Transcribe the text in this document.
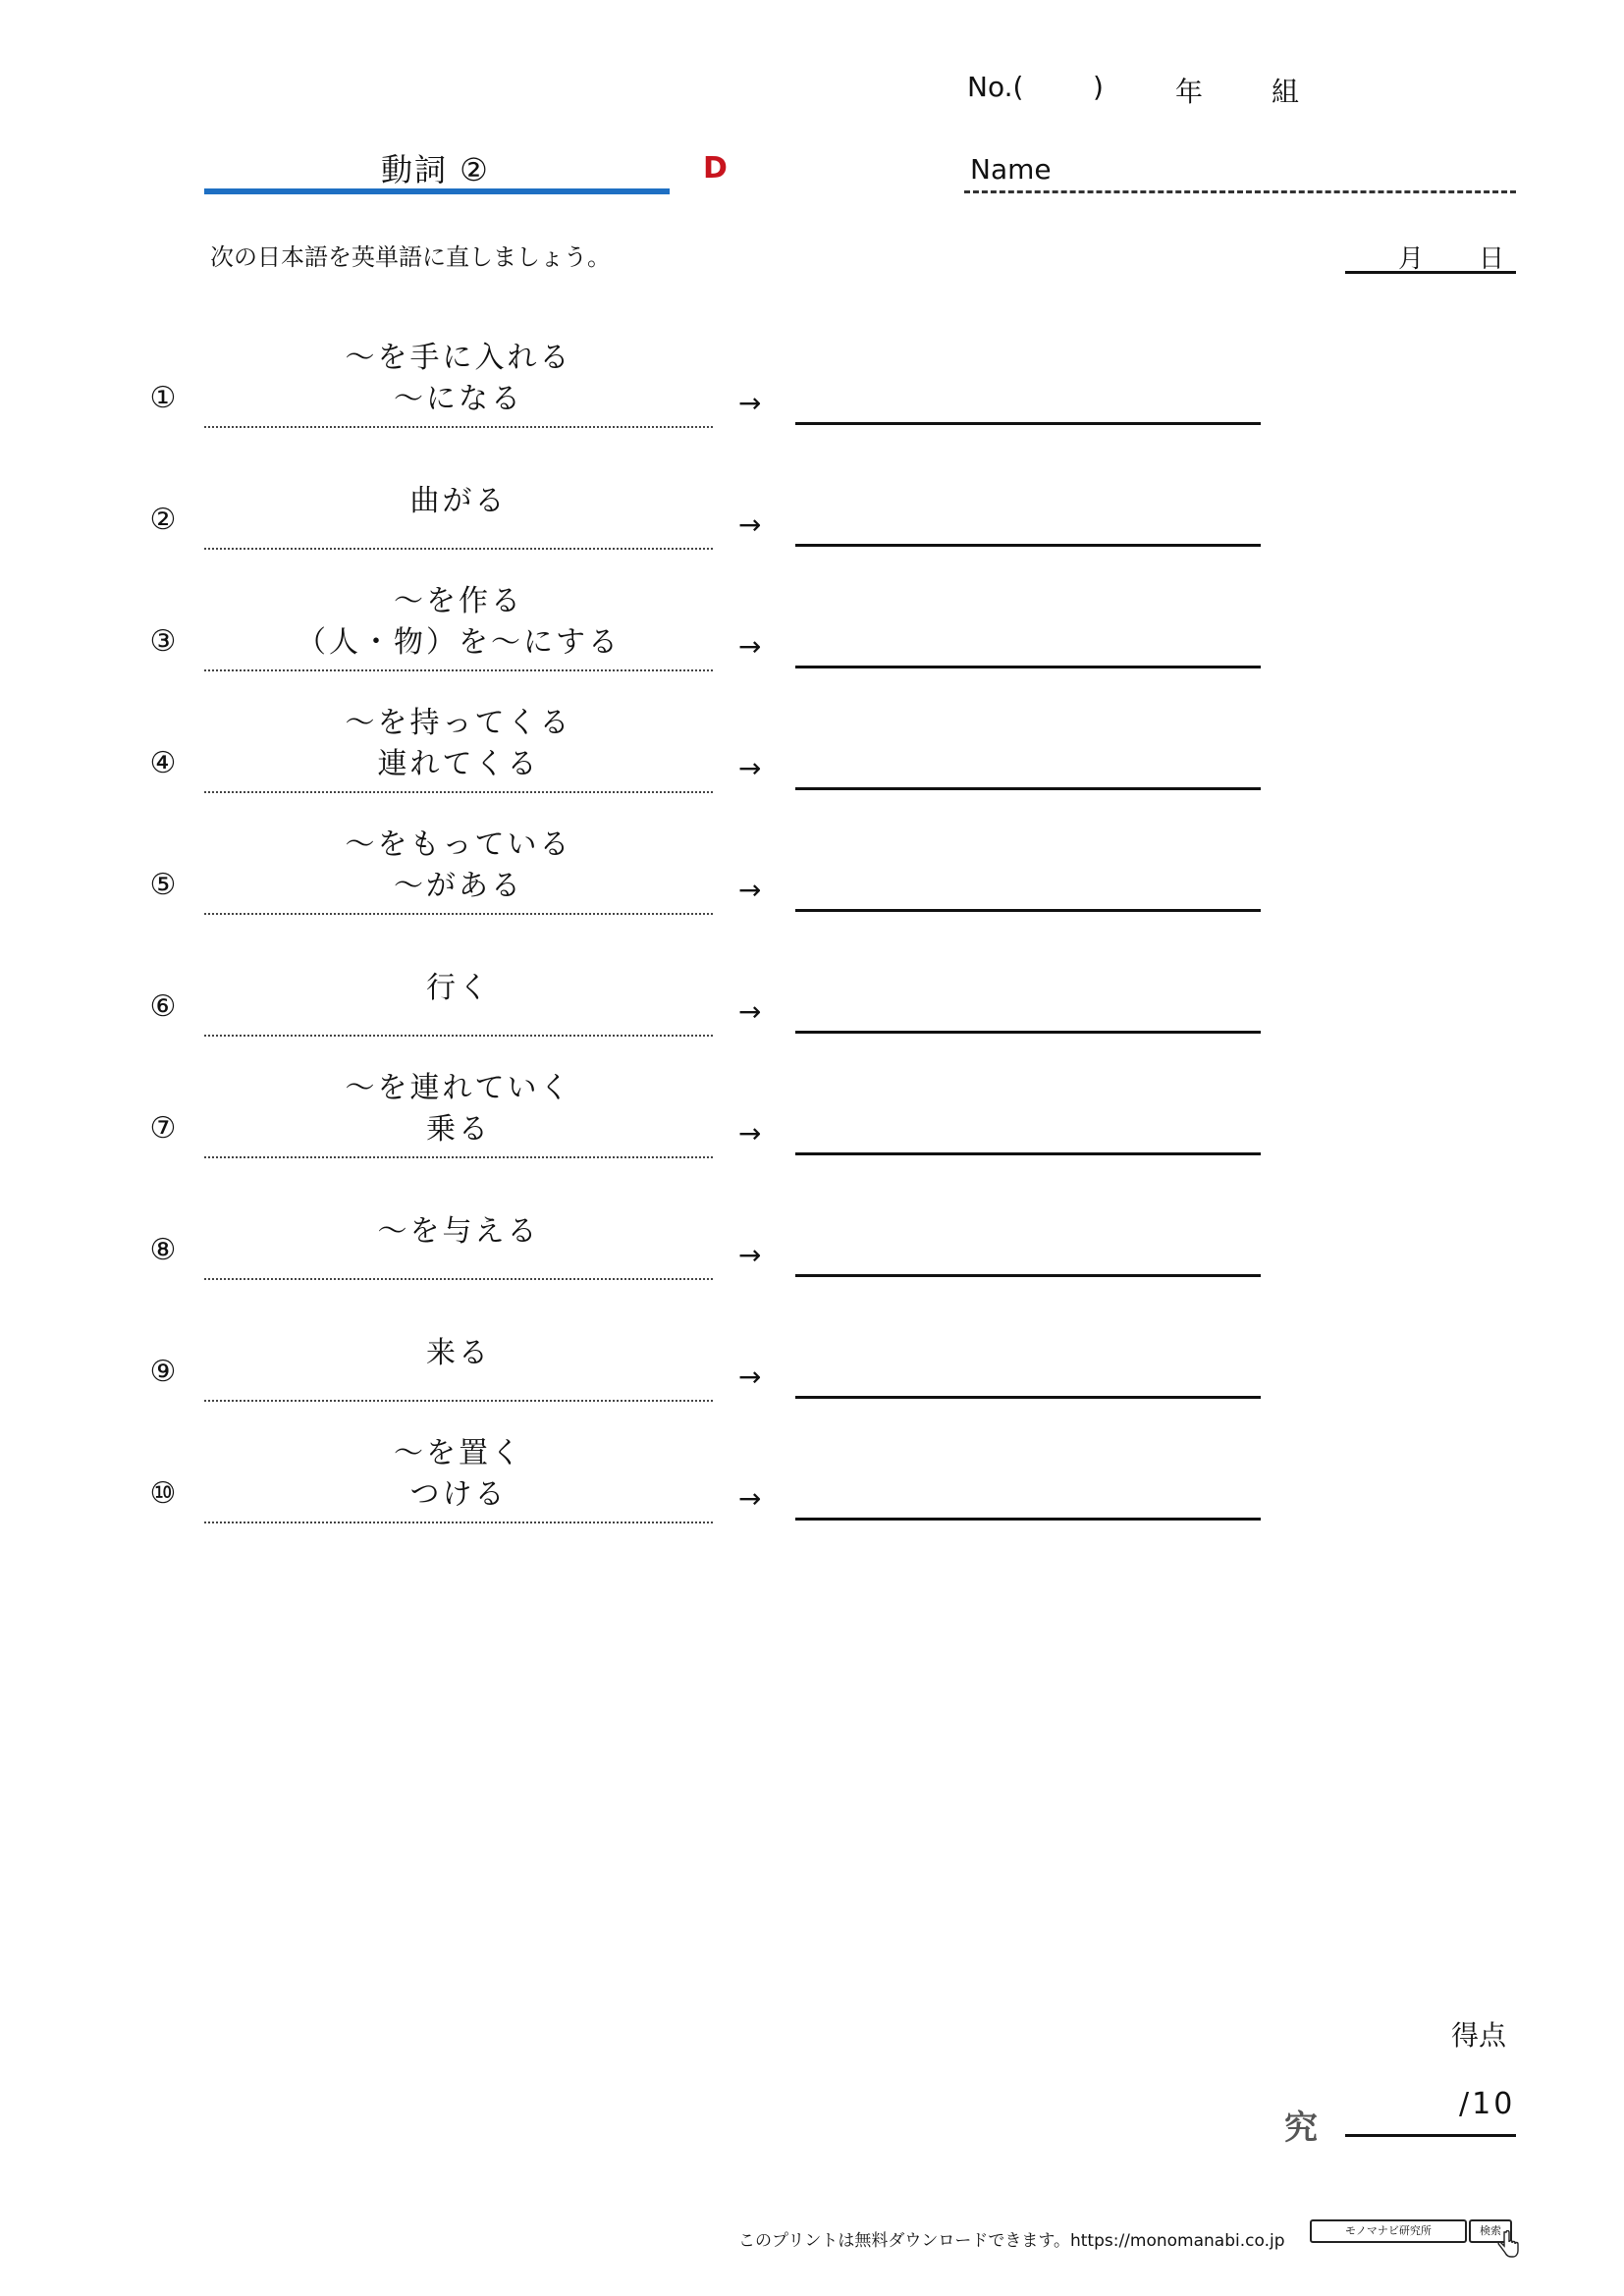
No.(	)	年 組
動詞 ②	D	Name
次の日本語を英単語に直しましょう。	月 日
①
～を手に入れる
～になる	→
②
曲がる
→
③
～を作る
（人・物）を～にする	→
④
～を持ってくる
連れてくる	→
⑤
～をもっている
～がある	→
⑥
行く
→
⑦
～を連れていく
乗る	→
⑧
～を与える
→
⑨
来る
→
⑩
～を置く
つける	→
得点
究
/10
このプリントは無料ダウンロードできます。https://monomanabi.co.jp
モノマナビ研究所	検索
